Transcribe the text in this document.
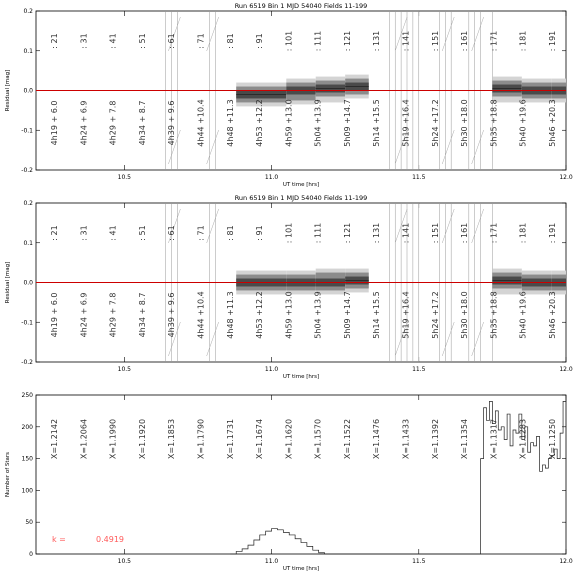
Run 6519 Bin 1 MJD 54040 Fields 11-199
-0.2
-0.1
0.0
0.1
0.2
10.5	11.0	11.5	12.0
UT time [hrs]
Residual [mag]
: 21	: 31	: 41	: 51	: 61	: 71	: 81	: 91	: 101	: 111	: 121	: 131	: 141	: 151	: 161	: 171	: 181	: 191
4h19 + 6.0	4h24 + 6.9	4h29 + 7.8	4h34 + 8.7	4h39 + 9.6	4h44 +10.4	4h48 +11.3	4h53 +12.2	4h59 +13.0	5h04 +13.9	5h09 +14.7	5h14 +15.5	5h19 +16.4	5h24 +17.2	5h30 +18.0	5h35 +18.8	5h40 +19.6	5h46 +20.3
Run 6519 Bin 1 MJD 54040 Fields 11-199
-0.2
-0.1
0.0
0.1
0.2
10.5	11.0	11.5	12.0
UT time [hrs]
Residual [mag]
: 21	: 31	: 41	: 51	: 61	: 71	: 81	: 91	: 101	: 111	: 121	: 131	: 141	: 151	: 161	: 171	: 181	: 191
4h19 + 6.0	4h24 + 6.9	4h29 + 7.8	4h34 + 8.7	4h39 + 9.6	4h44 +10.4	4h48 +11.3	4h53 +12.2	4h59 +13.0	5h04 +13.9	5h09 +14.7	5h14 +15.5	5h19 +16.4	5h24 +17.2	5h30 +18.0	5h35 +18.8	5h40 +19.6	5h46 +20.3
0
50
100
150
200
250
10.5	11.0	11.5	12.0
UT time [hrs]
Number of Stars
X=1.2142	X=1.2064	X=1.1990	X=1.1920	X=1.1853	X=1.1790	X=1.1731	X=1.1674	X=1.1620	X=1.1570	X=1.1522	X=1.1476	X=1.1433	X=1.1392	X=1.1354	X=1.1317	X=1.1283	X=1.1250
k =	0.4919
